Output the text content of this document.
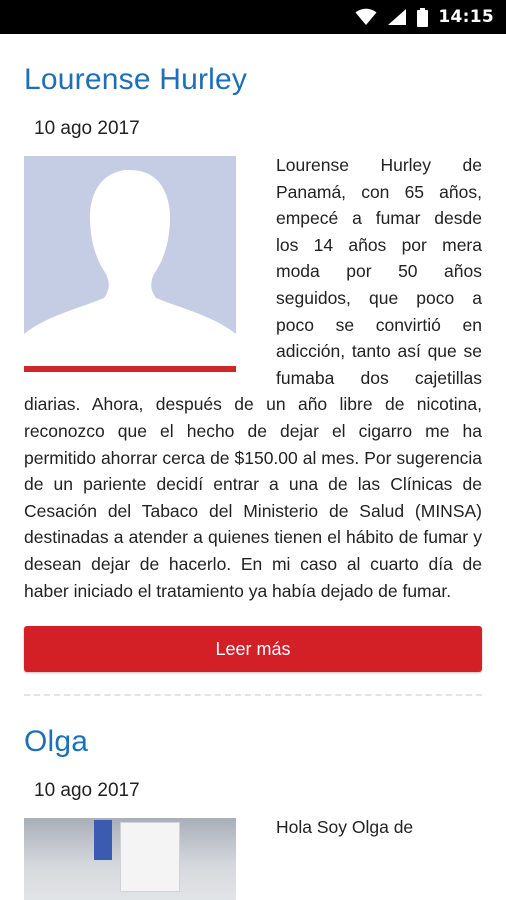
14:15
Lourense Hurley
10 ago 2017
Lourense Hurley de Panamá, con 65 años, empecé a fumar desde los 14 años por mera moda por 50 años seguidos, que poco a poco se convirtió en adicción, tanto así que se fumaba dos cajetillas diarias. Ahora, después de un año libre de nicotina, reconozco que el hecho de dejar el cigarro me ha permitido ahorrar cerca de $150.00 al mes. Por sugerencia de un pariente decidí entrar a una de las Clínicas de Cesación del Tabaco del Ministerio de Salud (MINSA) destinadas a atender a quienes tienen el hábito de fumar y desean dejar de hacerlo. En mi caso al cuarto día de haber iniciado el tratamiento ya había dejado de fumar.
Leer más
Olga
10 ago 2017
Hola Soy Olga de
